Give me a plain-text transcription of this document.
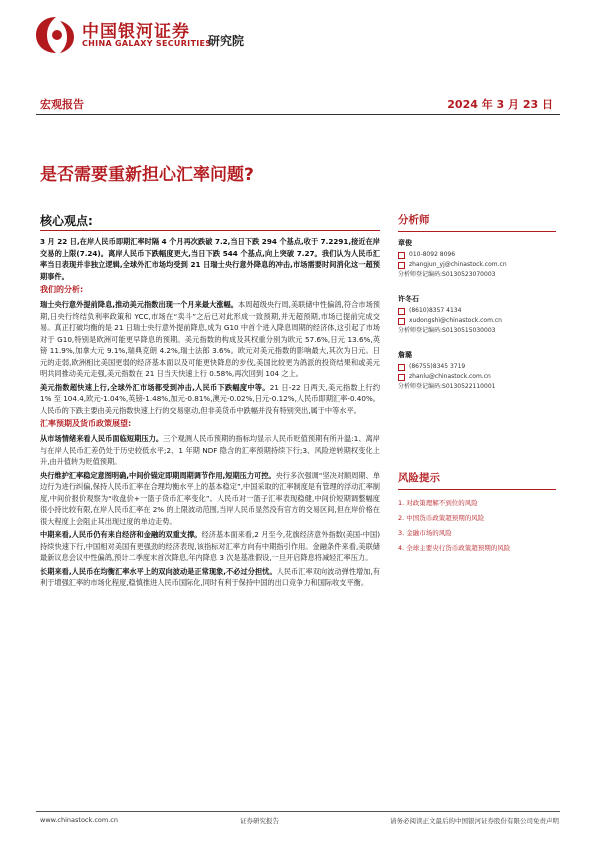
中国银河证券
CHINA GALAXY SECURITIES
研究院
宏观报告	2024 年 3 月 23 日
是否需要重新担心汇率问题?
核心观点:

3 月 22 日,在岸人民币即期汇率时隔 4 个月再次跌破 7.2,当日下跌 294 个基点,收于 7.2291,接近在岸交易的上限(7.24)。离岸人民币下跌幅度更大,当日下跌 544 个基点,向上突破 7.27。我们认为人民币汇率当日表现并非独立逻辑,全球外汇市场均受到 21 日瑞士央行意外降息的冲击,市场需要时间消化这一超预期事件。

我们的分析:

瑞士央行意外提前降息,推动美元指数出现一个月来最大涨幅。本周超级央行周,美联储中性偏鸽,符合市场预期,日央行终结负利率政策和 YCC,市场在“卖斗”之后已对此形成一致预期,并无超预期,市场已提前完成交易。真正打破均衡的是 21 日瑞士央行意外提前降息,成为 G10 中首个进入降息周期的经济体,这引起了市场对于 G10,特别是欧洲可能更早降息的预期。美元指数的构成及其权重分别为欧元 57.6%,日元 13.6%,英镑 11.9%,加拿大元 9.1%,瑞典克朗 4.2%,瑞士法郎 3.6%。欧元对美元指数的影响最大,其次为日元。日元的走弱,欧洲相比美国更弱的经济基本面以及可能更快降息的步伐,美国比较更为鸽派的投资结果和或美元明共同推动美元走强,美元指数在 21 日当天快速上行 0.58%,再次回到 104 之上。

美元指数超快速上行,全球外汇市场都受到冲击,人民币下跌幅度中等。21 日-22 日两天,美元指数上行约 1% 至 104.4,欧元-1.04%,英镑-1.48%,加元-0.81%,澳元-0.02%,日元-0.12%,人民币即期汇率-0.40%。人民币的下跌主要由美元指数快速上行的交易驱动,但非美货币中跌幅并没有特别突出,属于中等水平。

汇率预期及货币政策展望:

从市场情绪来看人民币面临短期压力。三个观测人民币预期的指标均显示人民币贬值预期有所升温:1、离岸与在岸人民币汇差仍处于历史较低水平;2、1 年期 NDF 隐含的汇率预期持续下行;3、风险逆转期权变化上升,由升值转为贬值预期。

央行维护汇率稳定意图明确,中间价锚定即期周期调节作用,短期压力可控。央行多次强调“坚决对顺周期、单边行为进行纠偏,保持人民币汇率在合理均衡水平上的基本稳定”,中国采取的汇率制度是有管理的浮动汇率制度,中间价报价观察为“收盘价+一篮子货币汇率变化”。人民币对一篮子汇率表现稳健,中间价短期调整幅度很小持比较有限,在岸人民币汇率在 2% 的上限波动范围,当岸人民币显然没有官方的交易区间,但在岸价格在很大程度上会阻止其出现过度的单边走势。

中期来看,人民币仍有来自经济和金融的双重支撑。经济基本面来看,2 月至今,花旗经济意外指数(美国-中国)持续快速下行,中国相对美国有更强劲的经济表现,该指标对汇率方向有中期指引作用。金融条件来看,美联储最新议息会议中性偏鸽,预计二季度末首次降息,年内降息 3 次是基准假设,一旦开启降息将减轻汇率压力。

长期来看,人民币在均衡汇率水平上的双向波动是正常现象,不必过分担忧。人民币汇率双向波动弹性增加,有利于增强汇率的市场化程度,稳慎推进人民币国际化,同时有利于保持中国的出口竞争力和国际收支平衡。

分析师
章俊
010-8092 8096
zhangjun_yj@chinastock.com.cn
分析师登记编码:S0130523070003
许冬石
(8610)8357 4134
xudongshi@chinastock.com.cn
分析师登记编码:S0130515030003
詹璐
(86755)8345 3719
zhanlu@chinastock.com.cn
分析师登记编码:S0130522110001
风险提示
1. 对政策理解不到位的风险
2. 中国货币政策超预期的风险
3. 金融市场的风险
4. 全球主要央行货币政策超预期的风险
www.chinastock.com.cn	证券研究报告	请务必阅读正文最后的中国银河证券股份有限公司免责声明
